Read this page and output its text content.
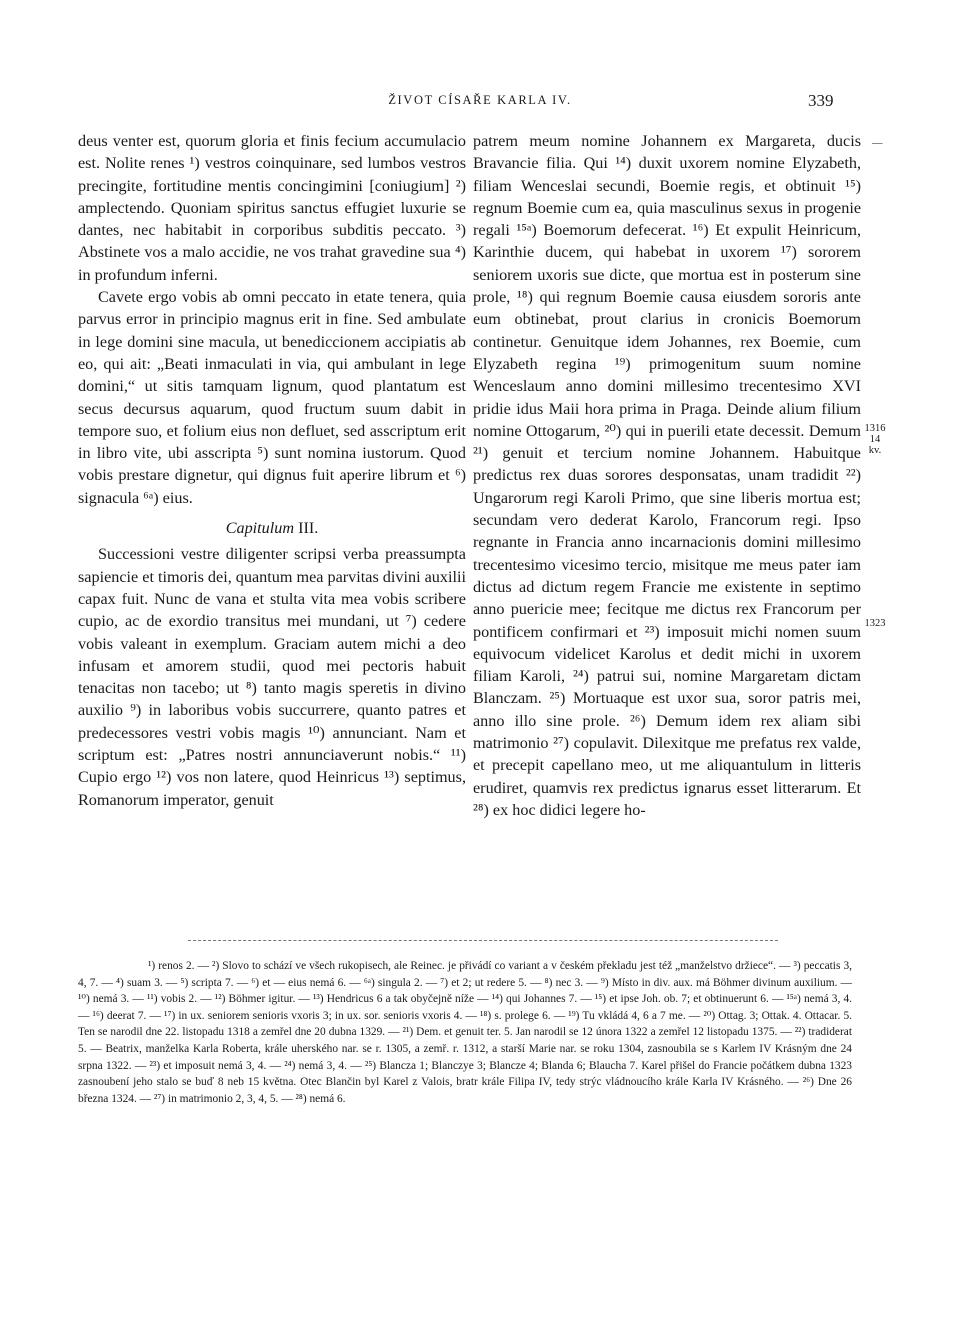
ŽIVOT CÍSAŘE KARLA IV.	339

deus venter est, quorum gloria et finis fecium accumulacio est. Nolite renes ¹) vestros coinquinare, sed lumbos vestros precingite, fortitudine mentis concingimini [coniugium] ²) amplectendo. Quoniam spiritus sanctus effugiet luxurie se dantes, nec habitabit in corporibus subditis peccato. ³) Abstinete vos a malo accidie, ne vos trahat gravedine sua ⁴) in profundum inferni.

Cavete ergo vobis ab omni peccato in etate tenera, quia parvus error in principio magnus erit in fine. Sed ambulate in lege domini sine macula, ut benediccionem accipiatis ab eo, qui ait: „Beati inmaculati in via, qui ambulant in lege domini,“ ut sitis tamquam lignum, quod plantatum est secus decursus aquarum, quod fructum suum dabit in tempore suo, et folium eius non defluet, sed asscriptum erit in libro vite, ubi asscripta ⁵) sunt nomina iustorum. Quod vobis prestare dignetur, qui dignus fuit aperire librum et ⁶) signacula ⁶ᵃ) eius.

Capitulum III.

Successioni vestre diligenter scripsi verba preassumpta sapiencie et timoris dei, quantum mea parvitas divini auxilii capax fuit. Nunc de vana et stulta vita mea vobis scribere cupio, ac de exordio transitus mei mundani, ut ⁷) cedere vobis valeant in exemplum. Graciam autem michi a deo infusam et amorem studii, quod mei pectoris habuit tenacitas non tacebo; ut ⁸) tanto magis speretis in divino auxilio ⁹) in laboribus vobis succurrere, quanto patres et predecessores vestri vobis magis ¹⁰) annunciant. Nam et scriptum est: „Patres nostri annunciaverunt nobis.“ ¹¹) Cupio ergo ¹²) vos non latere, quod Heinricus ¹³) septimus, Romanorum imperator, genuit

patrem meum nomine Johannem ex Margareta, ducis Bravancie filia. Qui ¹⁴) duxit uxorem nomine Elyzabeth, filiam Wenceslai secundi, Boemie regis, et obtinuit ¹⁵) regnum Boemie cum ea, quia masculinus sexus in progenie regali ¹⁵ᵃ) Boemorum defecerat. ¹⁶) Et expulit Heinricum, Karinthie ducem, qui habebat in uxorem ¹⁷) sororem seniorem uxoris sue dicte, que mortua est in posterum sine prole, ¹⁸) qui regnum Boemie causa eiusdem sororis ante eum obtinebat, prout clarius in cronicis Boemorum continetur. Genuitque idem Johannes, rex Boemie, cum Elyzabeth regina ¹⁹) primogenitum suum nomine Wenceslaum anno domini millesimo trecentesimo XVI pridie idus Maii hora prima in Praga. Deinde alium filium nomine Ottogarum, ²⁰) qui in puerili etate decessit. Demum ²¹) genuit et tercium nomine Johannem. Habuitque predictus rex duas sorores desponsatas, unam tradidit ²²) Ungarorum regi Karoli Primo, que sine liberis mortua est; secundam vero dederat Karolo, Francorum regi. Ipso regnante in Francia anno incarnacionis domini millesimo trecentesimo vicesimo tercio, misitque me meus pater iam dictus ad dictum regem Francie me existente in septimo anno puericie mee; fecitque me dictus rex Francorum per pontificem confirmari et ²³) imposuit michi nomen suum equivocum videlicet Karolus et dedit michi in uxorem filiam Karoli, ²⁴) patrui sui, nomine Margaretam dictam Blanczam. ²⁵) Mortuaque est uxor sua, soror patris mei, anno illo sine prole. ²⁶) Demum idem rex aliam sibi matrimonio ²⁷) copulavit. Dilexitque me prefatus rex valde, et precepit capellano meo, ut me aliquantulum in litteris erudiret, quamvis rex predictus ignarus esset litterarum. Et ²⁸) ex hoc didici legere ho-

—
1316
14
kv.
1323

¹) renos 2. — ²) Slovo to schází ve všech rukopisech, ale Reinec. je přivádí co variant a v českém překladu jest též „manželstvo držiece“. — ³) peccatis 3, 4, 7. — ⁴) suam 3. — ⁵) scripta 7. — ⁶) et — eius nemá 6. — ⁶ᵃ) singula 2. — ⁷) et 2; ut redere 5. — ⁸) nec 3. — ⁹) Místo in div. aux. má Böhmer divinum auxilium. — ¹⁰) nemá 3. — ¹¹) vobis 2. — ¹²) Böhmer igitur. — ¹³) Hendricus 6 a tak obyčejně níže — ¹⁴) qui Johannes 7. — ¹⁵) et ipse Joh. ob. 7; et obtinuerunt 6. — ¹⁵ᵃ) nemá 3, 4. — ¹⁶) deerat 7. — ¹⁷) in ux. seniorem senioris vxoris 3; in ux. sor. senioris vxoris 4. — ¹⁸) s. prolege 6. — ¹⁹) Tu vkládá 4, 6 a 7 me. — ²⁰) Ottag. 3; Ottak. 4. Ottacar. 5. Ten se narodil dne 22. listopadu 1318 a zemřel dne 20 dubna 1329. — ²¹) Dem. et genuit ter. 5. Jan narodil se 12 února 1322 a zemřel 12 listopadu 1375. — ²²) tradiderat 5. — Beatrix, manželka Karla Roberta, krále uherského nar. se r. 1305, a zemř. r. 1312, a starší Marie nar. se roku 1304, zasnoubila se s Karlem IV Krásným dne 24 srpna 1322. — ²³) et imposuit nemá 3, 4. — ²⁴) nemá 3, 4. — ²⁵) Blancza 1; Blanczye 3; Blancze 4; Blanda 6; Blaucha 7. Karel přišel do Francie počátkem dubna 1323 zasnoubení jeho stalo se buď 8 neb 15 května. Otec Blančin byl Karel z Valois, bratr krále Filipa IV, tedy strýc vládnoucího krále Karla IV Krásného. — ²⁶) Dne 26 března 1324. — ²⁷) in matrimonio 2, 3, 4, 5. — ²⁸) nemá 6.
